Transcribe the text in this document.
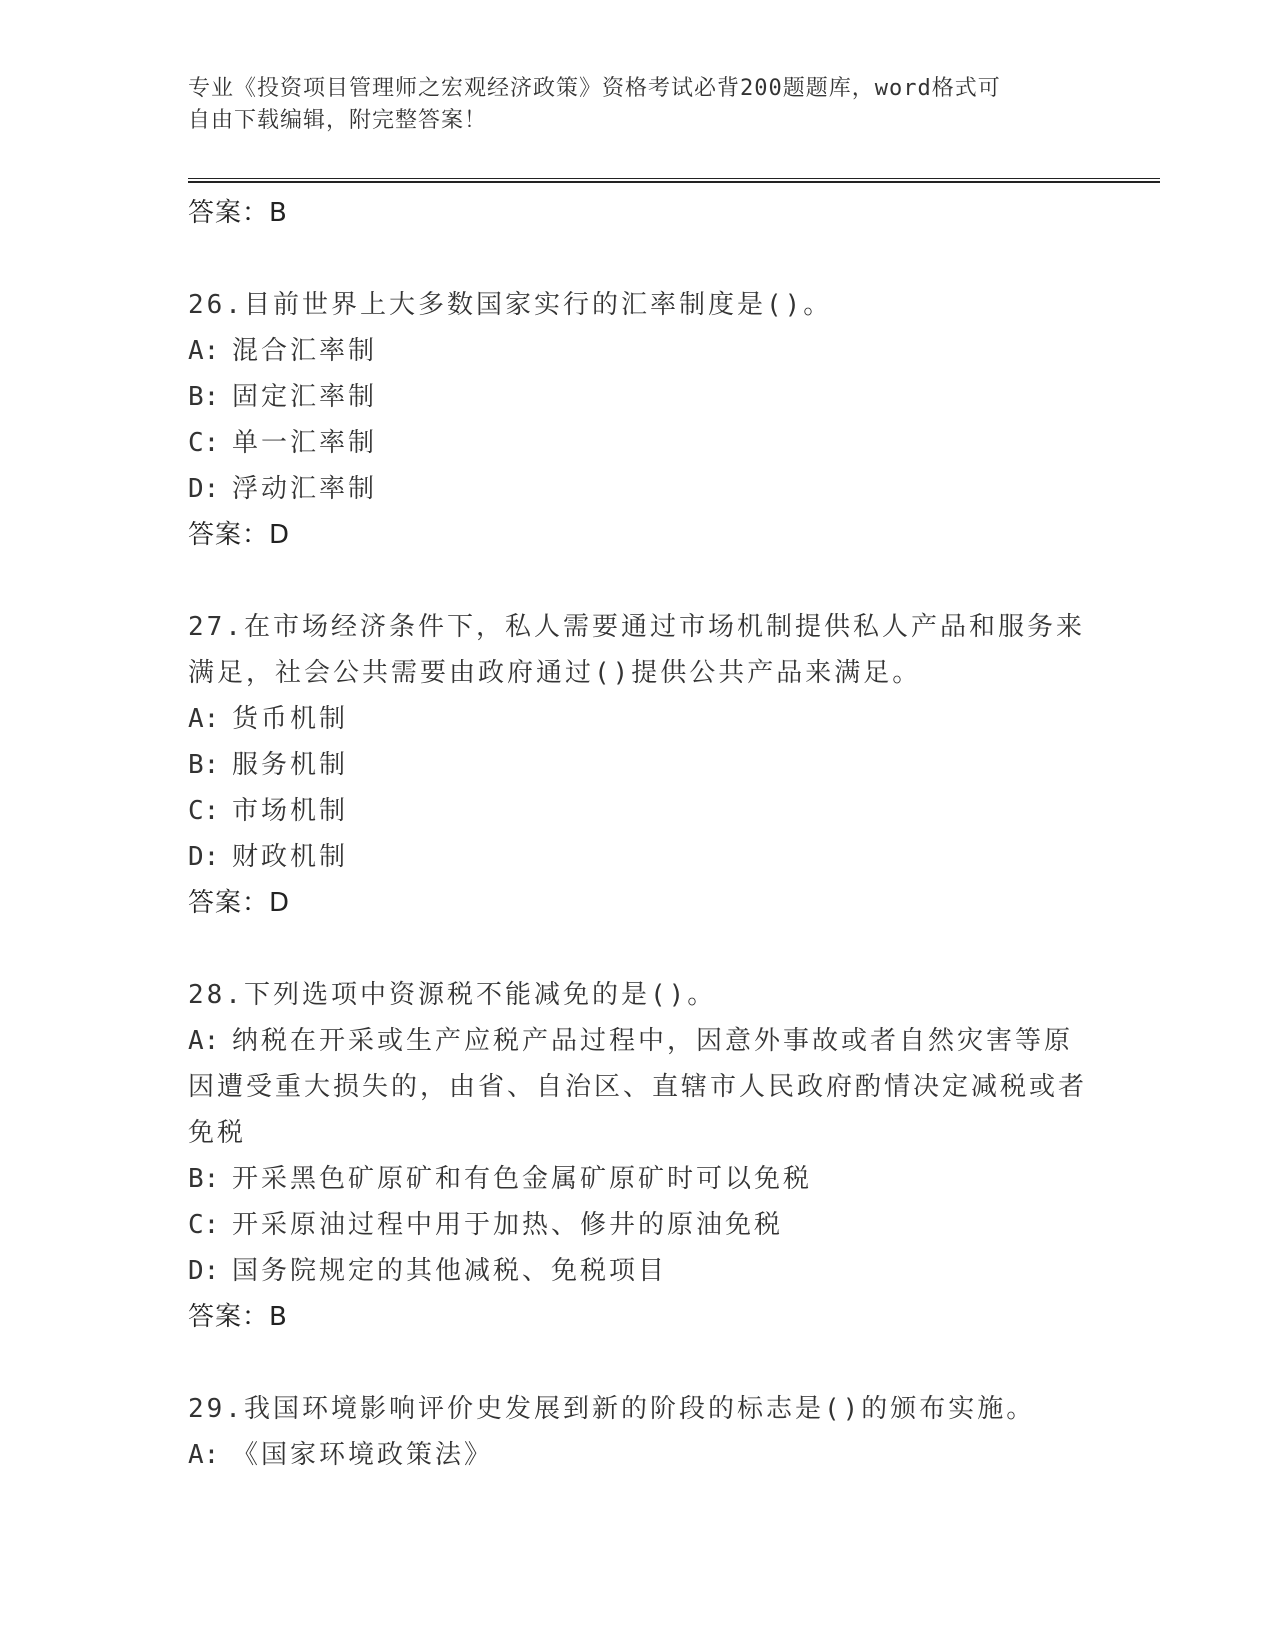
专业《投资项目管理师之宏观经济政策》资格考试必背200题题库，word格式可
自由下载编辑，附完整答案！
答案：B
26.目前世界上大多数国家实行的汇率制度是()。
A: 混合汇率制
B: 固定汇率制
C: 单一汇率制
D: 浮动汇率制
答案：D
27.在市场经济条件下，私人需要通过市场机制提供私人产品和服务来满足，社会公共需要由政府通过()提供公共产品来满足。
A: 货币机制
B: 服务机制
C: 市场机制
D: 财政机制
答案：D
28.下列选项中资源税不能减免的是()。
A: 纳税在开采或生产应税产品过程中，因意外事故或者自然灾害等原因遭受重大损失的，由省、自治区、直辖市人民政府酌情决定减税或者免税
B: 开采黑色矿原矿和有色金属矿原矿时可以免税
C: 开采原油过程中用于加热、修井的原油免税
D: 国务院规定的其他减税、免税项目
答案：B
29.我国环境影响评价史发展到新的阶段的标志是()的颁布实施。
A: 《国家环境政策法》
